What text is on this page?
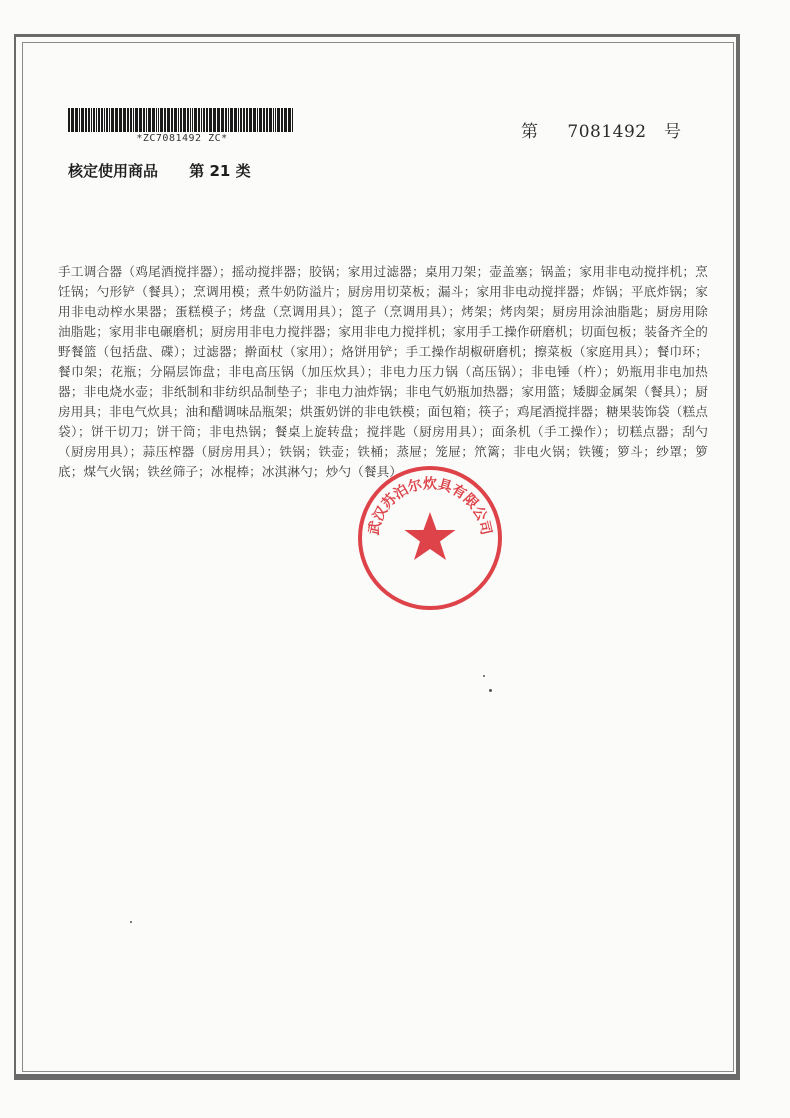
*ZC7081492 ZC*	第 7081492 号
核定使用商品 第 21 类
手工调合器（鸡尾酒搅拌器）；摇动搅拌器；胶锅；家用过滤器；桌用刀架；壶盖塞；锅盖；家用非电动搅拌机；烹饪锅；勺形铲（餐具）；烹调用模；煮牛奶防溢片；厨房用切菜板；漏斗；家用非电动搅拌器；炸锅；平底炸锅；家用非电动榨水果器；蛋糕模子；烤盘（烹调用具）；箆子（烹调用具）；烤架；烤肉架；厨房用涂油脂匙；厨房用除油脂匙；家用非电碾磨机；厨房用非电力搅拌器；家用非电力搅拌机；家用手工操作研磨机；切面包板；装备齐全的野餐篮（包括盘、碟）；过滤器；擀面杖（家用）；烙饼用铲；手工操作胡椒研磨机；擦菜板（家庭用具）；餐巾环；餐巾架；花瓶；分隔层饰盘；非电高压锅（加压炊具）；非电力压力锅（高压锅）；非电锤（杵）；奶瓶用非电加热器；非电烧水壶；非纸制和非纺织品制垫子；非电力油炸锅；非电气奶瓶加热器；家用篮；矮脚金属架（餐具）；厨房用具；非电气炊具；油和醋调味品瓶架；烘蛋奶饼的非电铁模；面包箱；筷子；鸡尾酒搅拌器；糖果装饰袋（糕点袋）；饼干切刀；饼干筒；非电热锅；餐桌上旋转盘；搅拌匙（厨房用具）；面条机（手工操作）；切糕点器；刮勺（厨房用具）；蒜压榨器（厨房用具）；铁锅；铁壶；铁桶；蒸屉；笼屉；笊篱；非电火锅；铁镬；箩斗；纱罩；箩底；煤气火锅；铁丝筛子；冰棍棒；冰淇淋勺；炒勺（餐具）
武汉苏泊尔炊具有限公司
